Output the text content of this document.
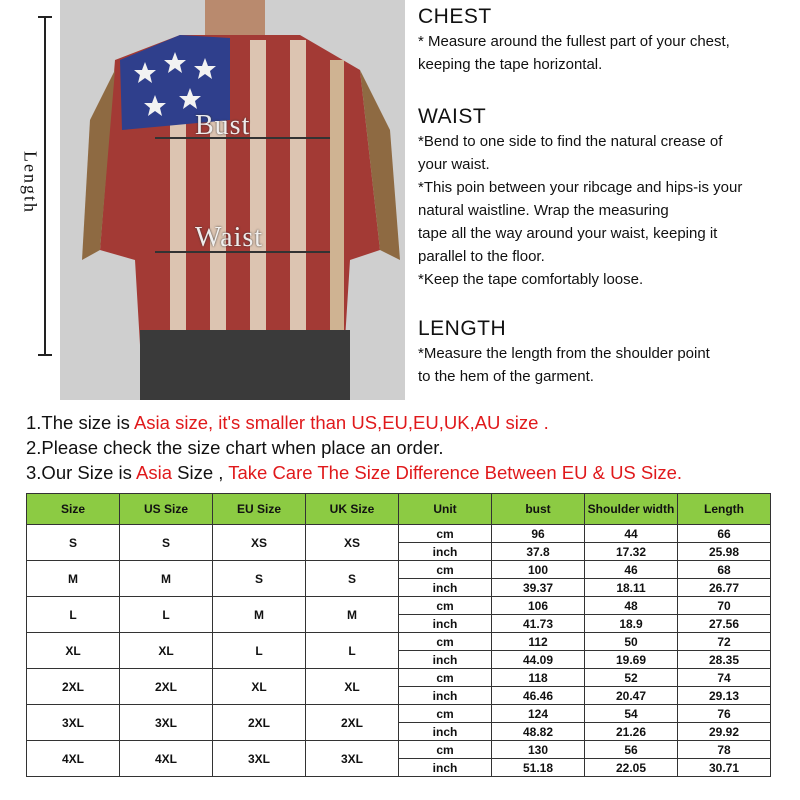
Bust
Waist
Length

CHEST

* Measure around the fullest part of your chest,

keeping the tape horizontal.

WAIST

*Bend to one side to find the natural crease of

your waist.

*This poin between your ribcage and hips-is your

natural waistline. Wrap the measuring

tape all the way around your waist, keeping it

parallel to the floor.

*Keep the tape comfortably loose.

LENGTH

*Measure the length from the shoulder point

to the hem of the garment.

1.The size is Asia size, it's smaller than US,EU,EU,UK,AU size .

2.Please check the size chart when place an order.

3.Our Size is Asia Size , Take Care The Size Difference Between EU & US Size.

Size	US Size	EU Size	UK Size	Unit	bust	Shoulder width	Length
S	S	XS	XS	cm	96	44	66
				inch	37.8	17.32	25.98
M	M	S	S	cm	100	46	68
				inch	39.37	18.11	26.77
L	L	M	M	cm	106	48	70
				inch	41.73	18.9	27.56
XL	XL	L	L	cm	112	50	72
				inch	44.09	19.69	28.35
2XL	2XL	XL	XL	cm	118	52	74
				inch	46.46	20.47	29.13
3XL	3XL	2XL	2XL	cm	124	54	76
				inch	48.82	21.26	29.92
4XL	4XL	3XL	3XL	cm	130	56	78
				inch	51.18	22.05	30.71
